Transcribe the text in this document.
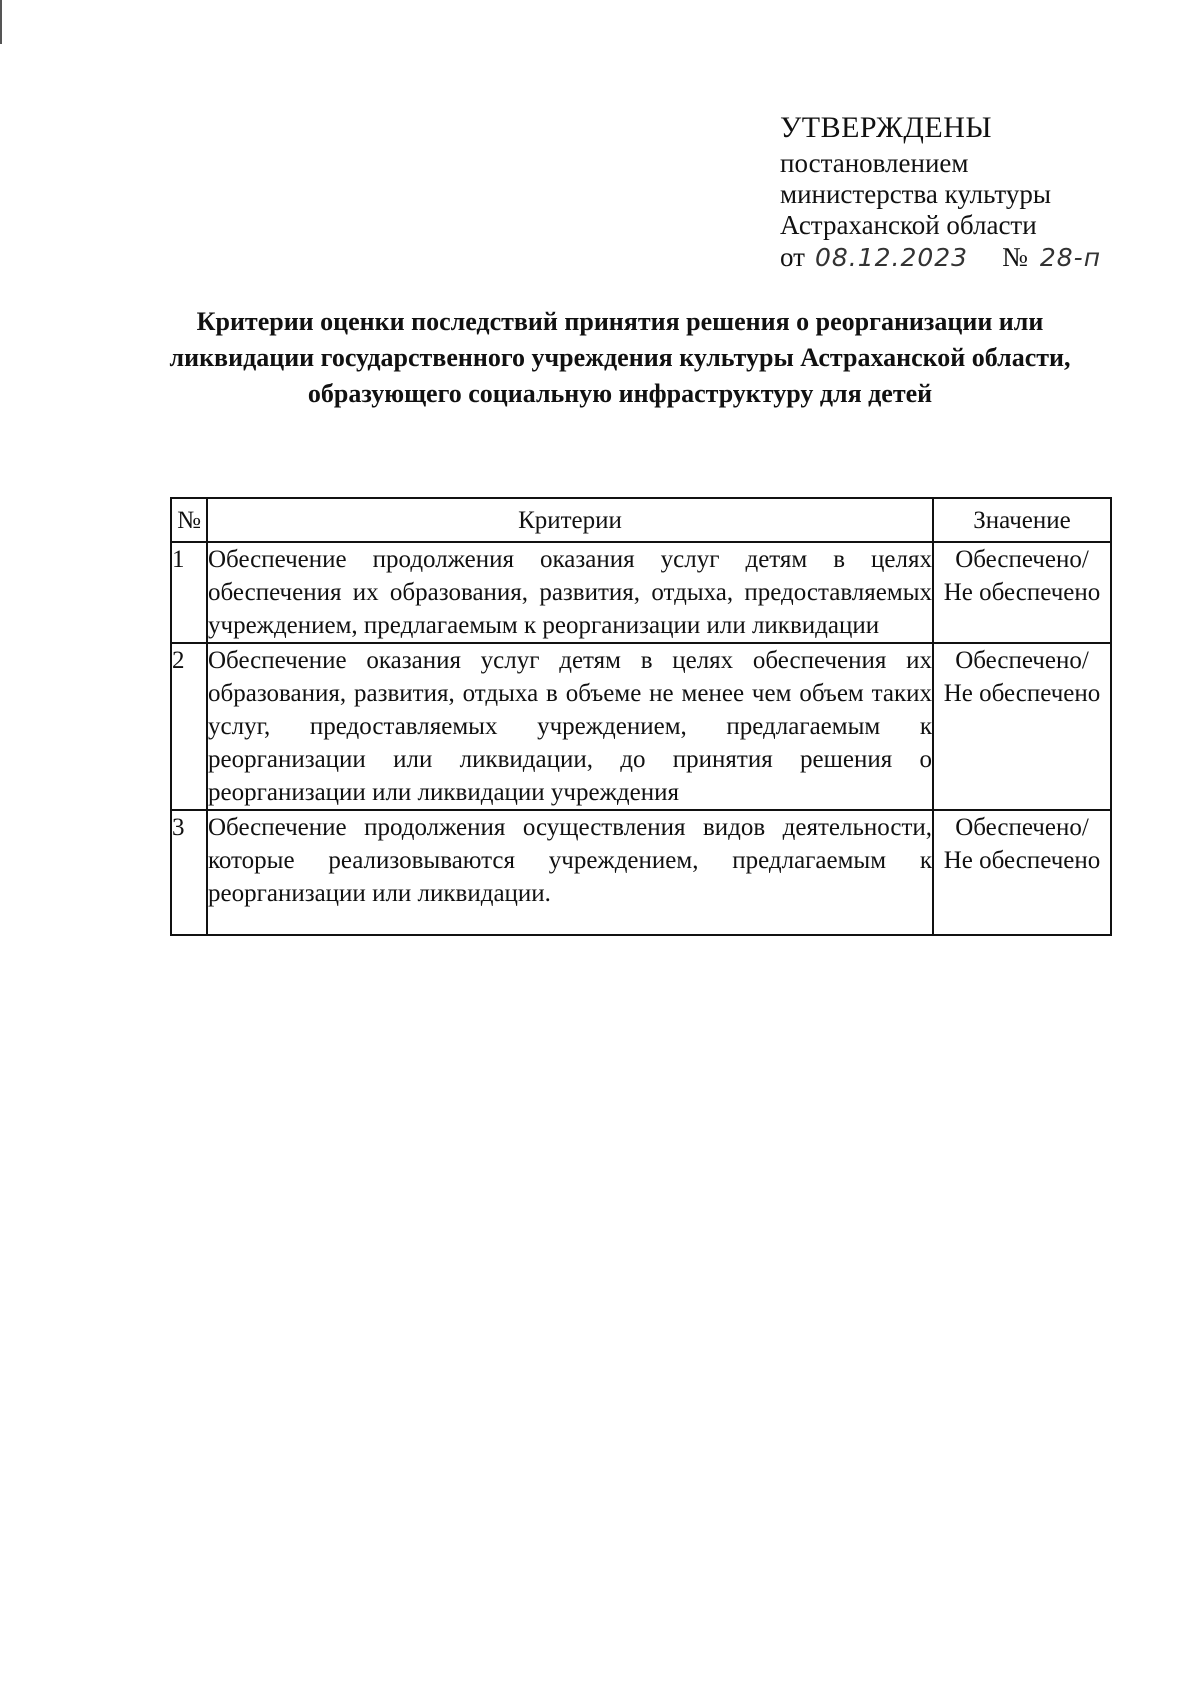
УТВЕРЖДЕНЫ
постановлением
министерства культуры
Астраханской области
от 08.12.2023 № 28-п
Критерии оценки последствий принятия решения о реорганизации или ликвидации государственного учреждения культуры Астраханской области, образующего социальную инфраструктуру для детей
№	Критерии	Значение
1	Обеспечение продолжения оказания услуг детям в целях обеспечения их образования, развития, отдыха, предоставляемых учреждением, предлагаемым к реорганизации или ликвидации	Обеспечено/
Не обеспечено

2	Обеспечение оказания услуг детям в целях обеспечения их образования, развития, отдыха в объеме не менее чем объем таких услуг, предоставляемых учреждением, предлагаемым к реорганизации или ликвидации, до принятия решения о реорганизации или ликвидации учреждения	Обеспечено/
Не обеспечено

3	Обеспечение продолжения осуществления видов деятельности, которые реализовываются учреждением, предлагаемым к реорганизации или ликвидации.	Обеспечено/
Не обеспечено
